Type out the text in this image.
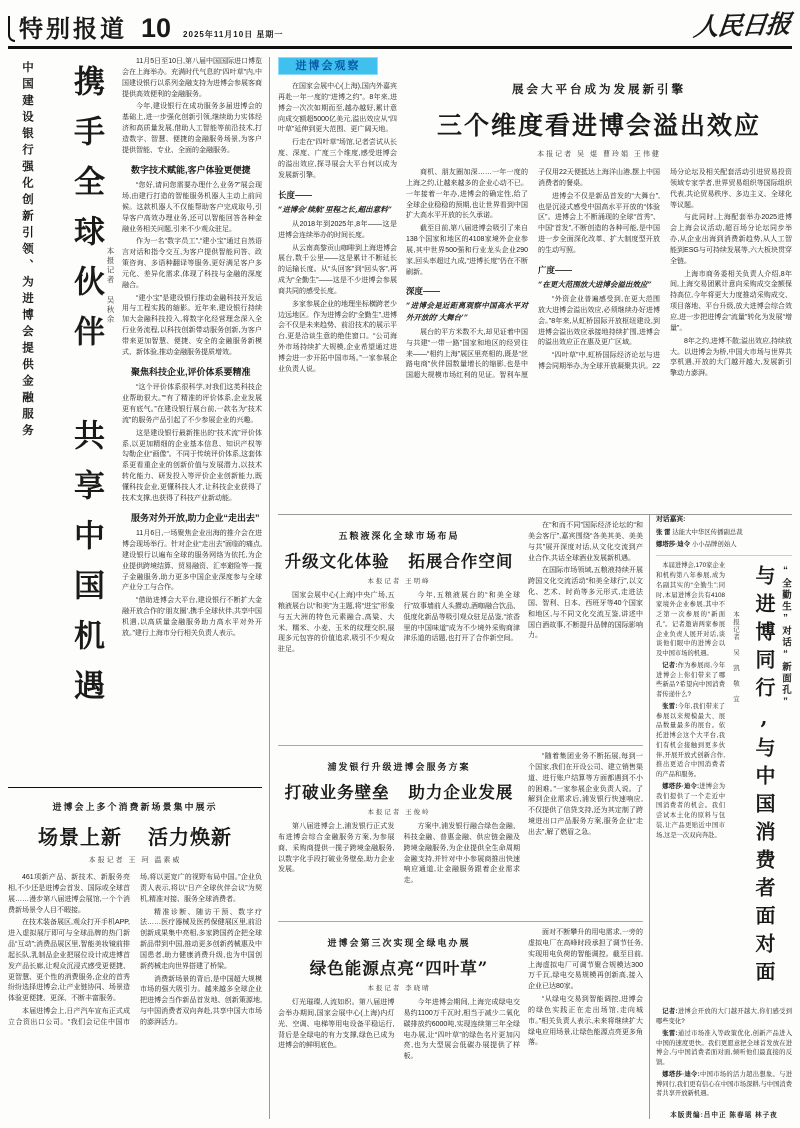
特别报道 10 2025年11月10日 星期一	人民日报
中国建设银行强化创新引领、为进博会提供金融服务	携手全球伙伴 共享中国机遇 本报记者 吴秋余

11月5日至10日,第八届中国国际进口博览会在上海举办。充满时代气息的“四叶草”内,中国建设银行以系列金融支持为进博会参展客商提供高效便利的金融服务。

今年,建设银行在成功服务多届进博会的基础上,进一步强化创新引领,继续助力实体经济和高质量发展,借助人工智能等前沿技术,打造数字、智慧、便捷的金融服务场景,为客户提供智能、专业、全面的金融服务。

数字技术赋能,客户体验更便捷

“您好,请问您需要办理什么业务?”展会现场,由建行打造的智能服务机器人主动上前问候。这款机器人不仅能帮助客户完成取号,引导客户高效办理业务,还可以智能回答各种金融业务相关问题,引来不少观众驻足。

作为一名“数字员工”,“建小宝”通过自然语言对话和指令交互,为客户提供智能问答、政策咨询、多语种翻译等服务,更好满足客户多元化、差异化需求,体现了科技与金融的深度融合。

“建小宝”是建设银行推动金融科技开发运用与工程实践的缩影。近年来,建设银行持续加大金融科技投入,将数字化经营理念深入全行业务流程,以科技创新带动服务创新,为客户带来更加智慧、便捷、安全的金融服务新模式、新体验,推动金融服务提质增效。

聚焦科技企业,评价体系要精准

“这个评价体系很科学,对我们这类科技企业帮助很大。”“有了精准的评价体系,企业发展更有底气。”在建设银行展台前,一款名为“技术流”的服务产品引起了不少参展企业的兴趣。

这是建设银行最新推出的“技术流”评价体系,以更加精细的企业基本信息、知识产权等勾勒企业“画像”。不同于传统评价体系,这套体系更看重企业的创新价值与发展潜力,以技术转化能力、研发投入等评价企业创新能力,既懂科技企业,更懂科技人才,让科技企业获得了技术支撑,也获得了科技产业新动能。

服务对外开放,助力企业“走出去”

11月6日,一场聚焦企业出海的推介会在进博会现场举行。针对企业“走出去”面临的痛点,建设银行以遍布全球的服务网络为依托,为企业提供跨境结算、贸易融资、汇率避险等一揽子金融服务,助力更多中国企业深度参与全球产业分工与合作。

“借助进博会大平台,建设银行不断扩大金融开放合作的‘朋友圈’,携手全球伙伴,共享中国机遇,以高质量金融服务助力高水平对外开放。”建行上海市分行相关负责人表示。

进博会上多个消费新场景集中展示
场景上新 活力焕新
本报记者 王 珂 温素威

461项新产品、新技术、新服务亮相,不少还是进博会首发、国际或全球首展……漫步第八届进博会展馆,一个个消费新场景令人目不暇接。

在技术装备展区,观众打开手机APP,进入虚拟展厅即可与全球品牌的热门新品“互动”;消费品展区里,智能美妆镜前排起长队,乳制品企业把展位设计成进博首发产品长廊,让观众沉浸式感受更便捷、更智慧、更个性的消费服务,企业的首秀纷纷选择进博会,让产业链协同、场景造体验更便捷、更深、不断丰富服务。

本届进博会上,日产汽车宣布正式成立合资出口公司。“我们会记住中国市场,将以更宽广的视野布局中国。”企业负责人表示,将以“日产全球伙伴会议”为契机,精准对接、服务全球消费者。

精准诊断、随访干预、数字疗法……医疗器械及医药保健展区里,前沿创新成果集中亮相,多家跨国药企把全球新品带到中国,推动更多创新药械惠及中国患者,助力健康消费升级,也为中国创新药械走向世界搭建了桥梁。

消费新场景的背后,是中国超大规模市场的强大吸引力。越来越多全球企业把进博会当作新品首发地、创新策源地,与中国消费者双向奔赴,共享中国大市场的澎湃活力。

进博会观察

在国家会展中心(上海),国内外嘉宾再赴一年一度的“进博之约”。8年来,进博会一次次如期而至,越办越好,累计意向成交额超5000亿美元,溢出效应从“四叶草”延伸到更大范围、更广阔天地。

行走在“四叶草”场馆,记者尝试从长度、深度、广度三个维度,感受进博会的溢出效应,探寻展会大平台何以成为发展新引擎。

长度——
“进博会‘续航’里程之长,超出意料”

从2018年到2025年,8年——这是进博会连续举办的时间长度。

从云南高黎贡山咖啡到上海进博会展台,数千公里——这是累计不断延长的运输长度。从“头回客”到“回头客”,再成为“全勤生”——这是不少进博会参展商共同的感受长度。

多家参展企业的地理坐标横跨老少边远地区。作为进博会的“全勤生”,进博会不仅是未来趋势、前沿技术的展示平台,更是洽谈生意的绝佳窗口。“公司海外市场持续扩大规模,企业希望通过进博会进一步开拓中国市场。”一家参展企业负责人说。

展会大平台成为发展新引擎
三个维度看进博会溢出效应
本报记者 吴 焜 曹玲娟 王伟健

商机、朋友圈加深……一年一度的上海之约,让越来越多的企业心动不已。一年接着一年办,进博会的确定性,给了全球企业稳稳的预期,也让世界看到中国扩大高水平开放的长久承诺。

截至目前,第八届进博会吸引了来自138个国家和地区的4108家境外企业参展,其中世界500强和行业龙头企业290家,回头率超过九成,“进博长度”仍在不断刷新。

深度——
“进博会是近距离观察中国高水平对外开放的‘大舞台’”

展台的平方米数不大,却见证着中国与共建“一带一路”国家和地区的经贸往来——“相约上海”展区里亮相的,既是“丝路电商”伙伴国数量增长的缩影,也是中国超大规模市场红利的见证。智利车厘子仅用22天便抵达上海洋山港,摆上中国消费者的餐桌。

进博会不仅是新品首发的“大舞台”,也是沉浸式感受中国高水平开放的“体验区”。进博会上不断涌现的全球“首秀”、中国“首发”,不断创造的各种可能,是中国进一步全面深化改革、扩大制度型开放的生动写照。

广度——
“在更大范围放大进博会溢出效应”

“外资企业普遍感受到,在更大范围放大进博会溢出效应,必须继续办好进博会。”8年来,从虹桥国际开放枢纽建设,到进博会溢出效应承接地持续扩围,进博会的溢出效应正在惠及更广区域。

“四叶草”中,虹桥国际经济论坛与进博会同期举办,为全球开放凝聚共识。22场分论坛及相关配套活动引进贸易投资领域专家学者,世界贸易组织等国际组织代表,共论贸易秩序、多边主义、全球化等议题。

与此同时,上海配套举办2025进博会上海会议活动,超百场分论坛同步举办,从企业出海到消费新趋势,从人工智能到ESG与可持续发展等,六大板块贯穿全链。

上海市商务委相关负责人介绍,8年间,上海交易团累计意向采购成交金额保持高位,今年将更大力度推动采购成交、项目落地、平台升级,放大进博会综合效应,进一步把进博会“流量”转化为发展“增量”。

8年之约,进博不散;溢出效应,持续放大。以进博会为桥,中国大市场与世界共享机遇,开放的大门越开越大,发展新引擎动力澎湃。

五粮液深化全球市场布局
升级文化体验 拓展合作空间
本报记者 王明峰

国家会展中心(上海)中央广场,五粮液展台以“和美”为主题,将“进宝”形象与五大洲的特色元素融合,高粱、大米、糯米、小麦、玉米的纹理交织,展现多元包容的价值追求,吸引不少观众驻足。

今年,五粮液展台的“和美全球行”故事墙前人头攒动,酒咖融合饮品、低度化新品等吸引观众驻足品鉴,“浓香里的中国味道”成为不少境外采购商津津乐道的话题,也打开了合作新空间。

在“和而不同”国际经济论坛的“和美会客厅”,嘉宾围绕“各美其美、美美与共”展开深度对话,从文化交流到产业合作,共话全球酒业发展新机遇。

在国际市场领域,五粮液持续开展跨国文化交流活动“和美全球行”,以文化、艺术、时尚等多元形式,走进法国、智利、日本、西班牙等40个国家和地区,与不同文化交流互鉴,讲述中国白酒故事,不断提升品牌的国际影响力。

浦发银行升级进博会服务方案
打破业务壁垒 助力企业发展
本报记者 王俊岭

第八届进博会上,浦发银行正式发布进博会综合金融服务方案,为参展商、采购商提供一揽子跨境金融服务,以数字化手段打破业务壁垒,助力企业发展。

方案中,浦发银行融合绿色金融、科技金融、普惠金融、供应链金融及跨境金融服务,为企业提供全生命周期金融支持,并针对中小参展商推出快速响应通道,让金融服务跟着企业需求走。

“随着集团业务不断拓展,每到一个国家,我们在开设公司、建立销售渠道、进行账户结算等方面都遇到不小的困难。”一家参展企业负责人说。了解到企业需求后,浦发银行快速响应,不仅提供了信贷支持,还为其定制了跨境进出口产品服务方案,服务企业“走出去”,解了燃眉之急。

进博会第三次实现全绿电办展
绿色能源点亮“四叶草”
本报记者 李晓晴

灯光璀璨,人流如织。第八届进博会举办期间,国家会展中心(上海)内灯光、空调、电梯等用电设备平稳运行,背后是全绿电的有力支撑,绿色已成为进博会的鲜明底色。

今年进博会期间,上海完成绿电交易约1100万千瓦时,相当于减少二氧化碳排放约6000吨,实现连续第三年全绿电办展,让“四叶草”的绿色名片更加闪亮,也为大型展会低碳办展提供了样板。

面对不断攀升的用电需求,一旁的虚拟电厂在高峰时段承担了调节任务,实现用电负荷的智能调控。截至目前,上海虚拟电厂可调节聚合规模达300万千瓦,绿电交易规模再创新高,接入企业已达80家。

“从绿电交易到智能调控,进博会的绿色实践正在走出场馆,走向城市。”相关负责人表示,未来将继续扩大绿电应用场景,让绿色能源点亮更多角落。

对话嘉宾:
张 雷 达能大中华区传播副总裁
娜塔莎·迪令 小小品牌创始人

本届进博会,170家企业和机构第八年参展,成为名副其实的“全勤生”;同时,本届进博会共有4108家境外企业参展,其中不乏第一次参展的“新面孔”。记者邀请两家参展企业负责人展开对话,谈谈他们眼中的进博会以及中国市场的机遇。

记者:作为参展商,今年进博会上你们带来了哪些新品?希望向中国消费者传递什么?

张雷:今年,我们带来了参展以来规模最大、展品数量最多的展台。依托进博会这个大平台,我们有机会接触到更多伙伴,开展开放式创新合作,推出更适合中国消费者的产品和服务。

娜塔莎·迪令:进博会为我们提供了一个走近中国消费者的机会。我们尝试本土化的原料与包装,让产品更贴近中国市场,这是一次双向奔赴。

本报记者 吴 凯 敬 宜 与进博同行,与中国消费者面对面 “全勤生”对话“新面孔”

记者:进博会开放的大门越开越大,你们感受到哪些变化?

张雷:通过市场准入等政策优化,创新产品进入中国的速度更快。我们更愿意把全球首发放在进博会,与中国消费者面对面,倾听他们最直接的反馈。

娜塔莎·迪令:中国市场的活力超出想象。与进博同行,我们更有信心在中国市场深耕,与中国消费者共享开放新机遇。

本版责编:吕中正 陈春瑶 林子夜
